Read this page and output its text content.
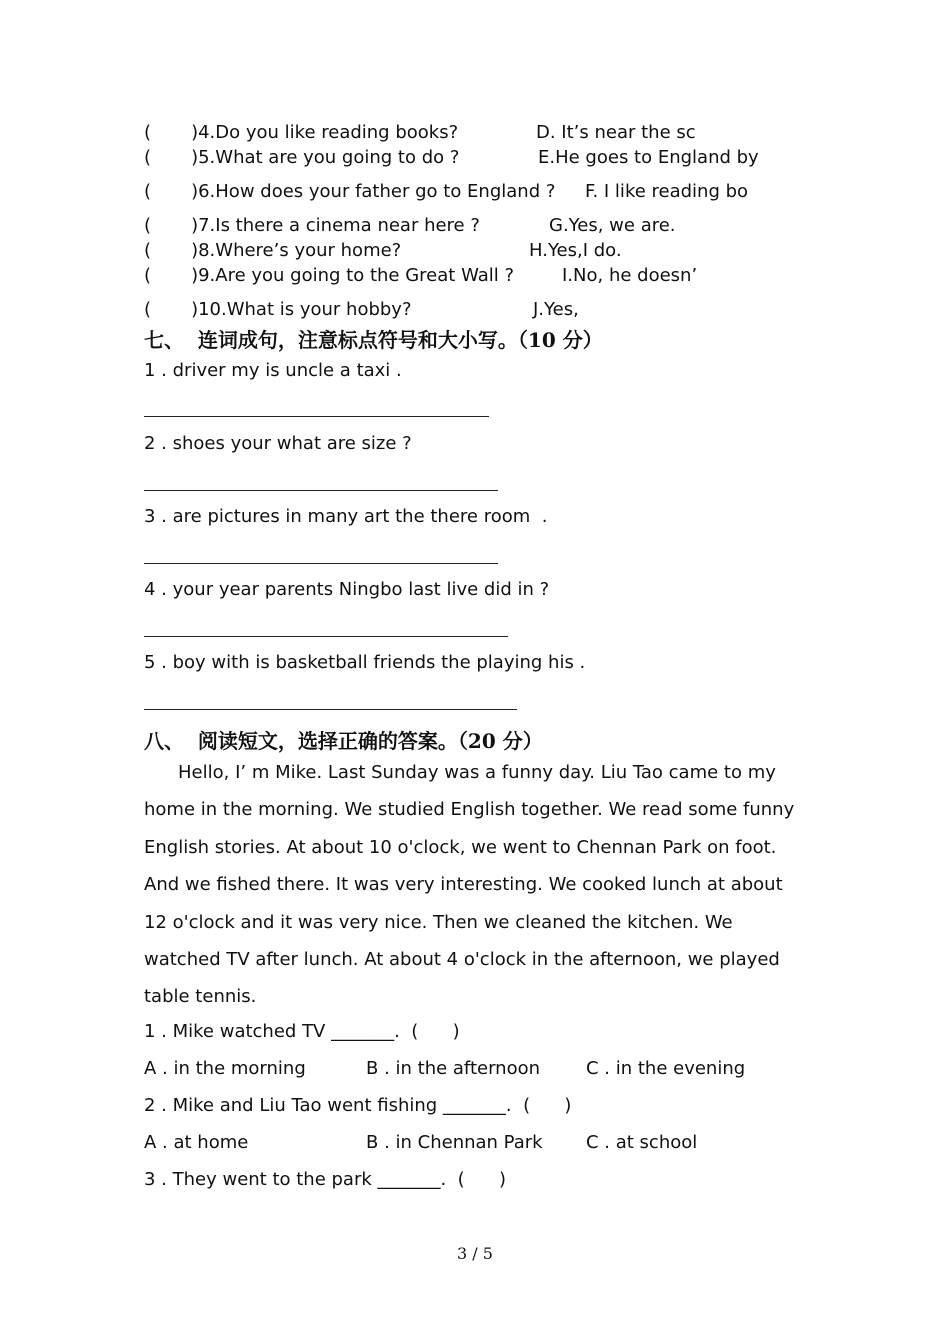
(       )4.Do you like reading books?	D. It’s near the sc
(       )5.What are you going to do ?	E.He goes to England by
(       )6.How does your father go to England ? F. I like reading bo
(       )7.Is there a cinema near here ?	G.Yes, we are.
(       )8.Where’s your home?	H.Yes,I do.
(       )9.Are you going to the Great Wall ?	I.No, he doesn’
(       )10.What is your hobby?	J.Yes,
七、  连词成句，注意标点符号和大小写。（10 分）
1 . driver my is uncle a taxi .
2 . shoes your what are size ?
3 . are pictures in many art the there room  .
4 . your year parents Ningbo last live did in ?
5 . boy with is basketball friends the playing his .
八、  阅读短文，选择正确的答案。（20 分）

Hello, I’ m Mike. Last Sunday was a funny day. Liu Tao came to my home in the morning. We studied English together. We read some funny English stories. At about 10 o'clock, we went to Chennan Park on foot. And we fished there. It was very interesting. We cooked lunch at about 12 o'clock and it was very nice. Then we cleaned the kitchen. We watched TV after lunch. At about 4 o'clock in the afternoon, we played table tennis.

1 . Mike watched TV _______.  (      )
A . in the morning	B . in the afternoon	C . in the evening
2 . Mike and Liu Tao went fishing _______.  (      )
A . at home	B . in Chennan Park C . at school
3 . They went to the park _______.  (      )
3 / 5
